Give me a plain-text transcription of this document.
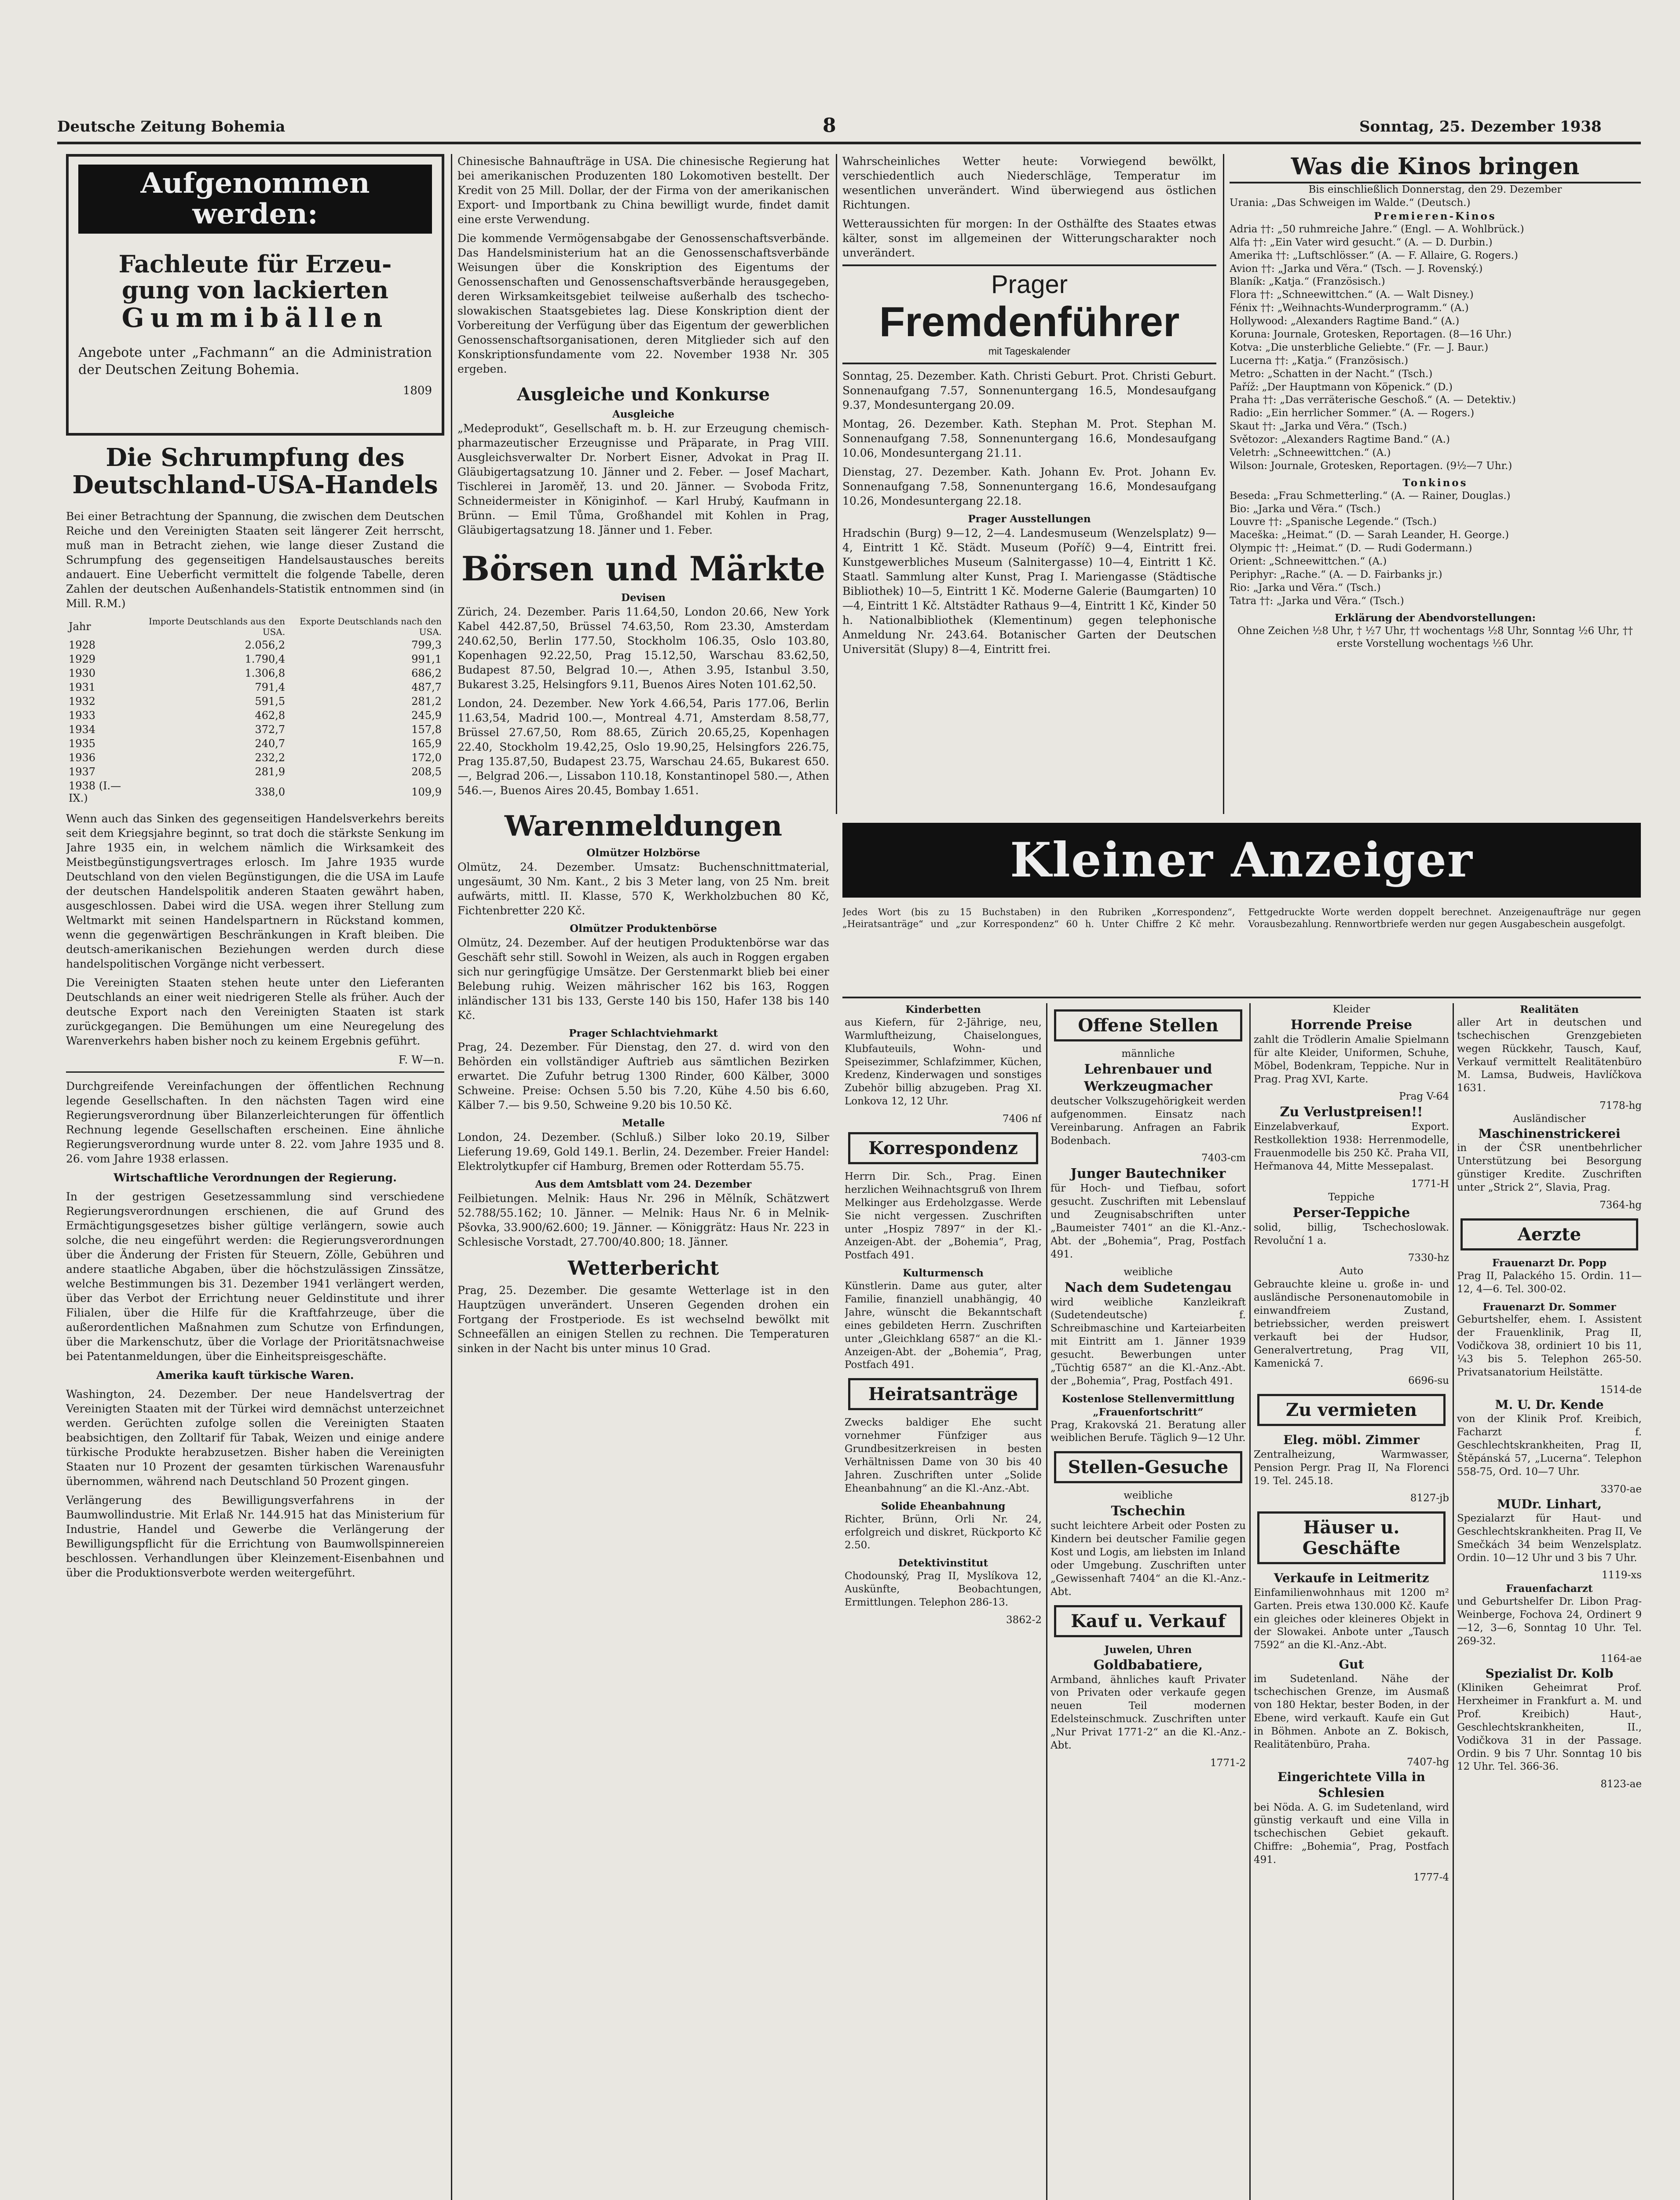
Deutsche Zeitung Bohemia	8	Sonntag, 25. Dezember 1938
Aufgenommen werden:
Fachleute für Erzeu-
gung von lackierten
Gummibällen
Angebote unter „Fachmann“ an die Administration der Deutschen Zeitung Bohemia.
1809
Die Schrumpfung des Deutschland-USA-Handels

Bei einer Betrachtung der Spannung, die zwischen dem Deutschen Reiche und den Vereinigten Staaten seit längerer Zeit herrscht, muß man in Betracht ziehen, wie lange dieser Zustand die Schrumpfung des gegenseitigen Handelsaustausches bereits andauert. Eine Ueberficht vermittelt die folgende Tabelle, deren Zahlen der deutschen Außenhandels-Statistik entnommen sind (in Mill. R.M.)

Jahr	Importe Deutschlands aus den USA.	Exporte Deutschlands nach den USA.
1928	2.056,2	799,3
1929	1.790,4	991,1
1930	1.306,8	686,2
1931	791,4	487,7
1932	591,5	281,2
1933	462,8	245,9
1934	372,7	157,8
1935	240,7	165,9
1936	232,2	172,0
1937	281,9	208,5
1938 (I.—IX.)	338,0	109,9

Wenn auch das Sinken des gegenseitigen Handelsverkehrs bereits seit dem Kriegsjahre beginnt, so trat doch die stärkste Senkung im Jahre 1935 ein, in welchem nämlich die Wirksamkeit des Meistbegünstigungsvertrages erlosch. Im Jahre 1935 wurde Deutschland von den vielen Begünstigungen, die die USA im Laufe der deutschen Handelspolitik anderen Staaten gewährt haben, ausgeschlossen. Dabei wird die USA. wegen ihrer Stellung zum Weltmarkt mit seinen Handelspartnern in Rückstand kommen, wenn die gegenwärtigen Beschränkungen in Kraft bleiben. Die deutsch-amerikanischen Beziehungen werden durch diese handelspolitischen Vorgänge nicht verbessert.

Die Vereinigten Staaten stehen heute unter den Lieferanten Deutschlands an einer weit niedrigeren Stelle als früher. Auch der deutsche Export nach den Vereinigten Staaten ist stark zurückgegangen. Die Bemühungen um eine Neuregelung des Warenverkehrs haben bisher noch zu keinem Ergebnis geführt.

F. W—n.

Durchgreifende Vereinfachungen der öffentlichen Rechnung legende Gesellschaften. In den nächsten Tagen wird eine Regierungsverordnung über Bilanzerleichterungen für öffentlich Rechnung legende Gesellschaften erscheinen. Eine ähnliche Regierungsverordnung wurde unter 8. 22. vom Jahre 1935 und 8. 26. vom Jahre 1938 erlassen.

Wirtschaftliche Verordnungen der Regierung.

In der gestrigen Gesetzessammlung sind verschiedene Regierungsverordnungen erschienen, die auf Grund des Ermächtigungsgesetzes bisher gültige verlängern, sowie auch solche, die neu eingeführt werden: die Regierungsverordnungen über die Änderung der Fristen für Steuern, Zölle, Gebühren und andere staatliche Abgaben, über die höchstzulässigen Zinssätze, welche Bestimmungen bis 31. Dezember 1941 verlängert werden, über das Verbot der Errichtung neuer Geldinstitute und ihrer Filialen, über die Hilfe für die Kraftfahrzeuge, über die außerordentlichen Maßnahmen zum Schutze von Erfindungen, über die Markenschutz, über die Vorlage der Prioritätsnachweise bei Patentanmeldungen, über die Einheitspreisgeschäfte.

Amerika kauft türkische Waren.

Washington, 24. Dezember. Der neue Handelsvertrag der Vereinigten Staaten mit der Türkei wird demnächst unterzeichnet werden. Gerüchten zufolge sollen die Vereinigten Staaten beabsichtigen, den Zolltarif für Tabak, Weizen und einige andere türkische Produkte herabzusetzen. Bisher haben die Vereinigten Staaten nur 10 Prozent der gesamten türkischen Warenausfuhr übernommen, während nach Deutschland 50 Prozent gingen.

Verlängerung des Bewilligungsverfahrens in der Baumwollindustrie. Mit Erlaß Nr. 144.915 hat das Ministerium für Industrie, Handel und Gewerbe die Verlängerung der Bewilligungspflicht für die Errichtung von Baumwollspinnereien beschlossen. Verhandlungen über Kleinzement-Eisenbahnen und über die Produktionsverbote werden weitergeführt.

Chinesische Bahnaufträge in USA. Die chinesische Regierung hat bei amerikanischen Produzenten 180 Lokomotiven bestellt. Der Kredit von 25 Mill. Dollar, der der Firma von der amerikanischen Export- und Importbank zu China bewilligt wurde, findet damit eine erste Verwendung.

Die kommende Vermögensabgabe der Genossenschaftsverbände. Das Handelsministerium hat an die Genossenschaftsverbände Weisungen über die Konskription des Eigentums der Genossenschaften und Genossenschaftsverbände herausgegeben, deren Wirksamkeitsgebiet teilweise außerhalb des tschecho-slowakischen Staatsgebietes lag. Diese Konskription dient der Vorbereitung der Verfügung über das Eigentum der gewerblichen Genossenschaftsorganisationen, deren Mitglieder sich auf den Konskriptionsfundamente vom 22. November 1938 Nr. 305 ergeben.

Ausgleiche und Konkurse
Ausgleiche

„Medeprodukt“, Gesellschaft m. b. H. zur Erzeugung chemisch-pharmazeutischer Erzeugnisse und Präparate, in Prag VIII. Ausgleichsverwalter Dr. Norbert Eisner, Advokat in Prag II. Gläubigertagsatzung 10. Jänner und 2. Feber. — Josef Machart, Tischlerei in Jaroměř, 13. und 20. Jänner. — Svoboda Fritz, Schneidermeister in Königinhof. — Karl Hrubý, Kaufmann in Brünn. — Emil Tůma, Großhandel mit Kohlen in Prag, Gläubigertagsatzung 18. Jänner und 1. Feber.

Börsen und Märkte
Devisen

Zürich, 24. Dezember. Paris 11.64,50, London 20.66, New York Kabel 442.87,50, Brüssel 74.63,50, Rom 23.30, Amsterdam 240.62,50, Berlin 177.50, Stockholm 106.35, Oslo 103.80, Kopenhagen 92.22,50, Prag 15.12,50, Warschau 83.62,50, Budapest 87.50, Belgrad 10.—, Athen 3.95, Istanbul 3.50, Bukarest 3.25, Helsingfors 9.11, Buenos Aires Noten 101.62,50.

London, 24. Dezember. New York 4.66,54, Paris 177.06, Berlin 11.63,54, Madrid 100.—, Montreal 4.71, Amsterdam 8.58,77, Brüssel 27.67,50, Rom 88.65, Zürich 20.65,25, Kopenhagen 22.40, Stockholm 19.42,25, Oslo 19.90,25, Helsingfors 226.75, Prag 135.87,50, Budapest 23.75, Warschau 24.65, Bukarest 650.—, Belgrad 206.—, Lissabon 110.18, Konstantinopel 580.—, Athen 546.—, Buenos Aires 20.45, Bombay 1.651.

Warenmeldungen
Olmützer Holzbörse

Olmütz, 24. Dezember. Umsatz: Buchenschnittmaterial, ungesäumt, 30 Nm. Kant., 2 bis 3 Meter lang, von 25 Nm. breit aufwärts, mittl. II. Klasse, 570 K, Werkholzbuchen 80 Kč, Fichtenbretter 220 Kč.

Olmützer Produktenbörse

Olmütz, 24. Dezember. Auf der heutigen Produktenbörse war das Geschäft sehr still. Sowohl in Weizen, als auch in Roggen ergaben sich nur geringfügige Umsätze. Der Gerstenmarkt blieb bei einer Belebung ruhig. Weizen mährischer 162 bis 163, Roggen inländischer 131 bis 133, Gerste 140 bis 150, Hafer 138 bis 140 Kč.

Prager Schlachtviehmarkt

Prag, 24. Dezember. Für Dienstag, den 27. d. wird von den Behörden ein vollständiger Auftrieb aus sämtlichen Bezirken erwartet. Die Zufuhr betrug 1300 Rinder, 600 Kälber, 3000 Schweine. Preise: Ochsen 5.50 bis 7.20, Kühe 4.50 bis 6.60, Kälber 7.— bis 9.50, Schweine 9.20 bis 10.50 Kč.

Metalle

London, 24. Dezember. (Schluß.) Silber loko 20.19, Silber Lieferung 19.69, Gold 149.1. Berlin, 24. Dezember. Freier Handel: Elektrolytkupfer cif Hamburg, Bremen oder Rotterdam 55.75.

Aus dem Amtsblatt vom 24. Dezember

Feilbietungen. Melnik: Haus Nr. 296 in Mělník, Schätzwert 52.788/55.162; 10. Jänner. — Melnik: Haus Nr. 6 in Melnik-Pšovka, 33.900/62.600; 19. Jänner. — Königgrätz: Haus Nr. 223 in Schlesische Vorstadt, 27.700/40.800; 18. Jänner.

Wetterbericht

Prag, 25. Dezember. Die gesamte Wetterlage ist in den Hauptzügen unverändert. Unseren Gegenden drohen ein Fortgang der Frostperiode. Es ist wechselnd bewölkt mit Schneefällen an einigen Stellen zu rechnen. Die Temperaturen sinken in der Nacht bis unter minus 10 Grad.

Wahrscheinliches Wetter heute: Vorwiegend bewölkt, verschiedentlich auch Niederschläge, Temperatur im wesentlichen unverändert. Wind überwiegend aus östlichen Richtungen.

Wetteraussichten für morgen: In der Osthälfte des Staates etwas kälter, sonst im allgemeinen der Witterungscharakter noch unverändert.

Prager
Fremdenführer
mit Tageskalender

Sonntag, 25. Dezember. Kath. Christi Geburt. Prot. Christi Geburt. Sonnenaufgang 7.57, Sonnenuntergang 16.5, Mondesaufgang 9.37, Mondesuntergang 20.09.

Montag, 26. Dezember. Kath. Stephan M. Prot. Stephan M. Sonnenaufgang 7.58, Sonnenuntergang 16.6, Mondesaufgang 10.06, Mondesuntergang 21.11.

Dienstag, 27. Dezember. Kath. Johann Ev. Prot. Johann Ev. Sonnenaufgang 7.58, Sonnenuntergang 16.6, Mondesaufgang 10.26, Mondesuntergang 22.18.

Prager Ausstellungen

Hradschin (Burg) 9—12, 2—4. Landesmuseum (Wenzelsplatz) 9—4, Eintritt 1 Kč. Städt. Museum (Poříč) 9—4, Eintritt frei. Kunstgewerbliches Museum (Salnitergasse) 10—4, Eintritt 1 Kč. Staatl. Sammlung alter Kunst, Prag I. Mariengasse (Städtische Bibliothek) 10—5, Eintritt 1 Kč. Moderne Galerie (Baumgarten) 10—4, Eintritt 1 Kč. Altstädter Rathaus 9—4, Eintritt 1 Kč, Kinder 50 h. Nationalbibliothek (Klementinum) gegen telephonische Anmeldung Nr. 243.64. Botanischer Garten der Deutschen Universität (Slupy) 8—4, Eintritt frei.

Was die Kinos bringen
Bis einschließlich Donnerstag, den 29. Dezember
Urania: „Das Schweigen im Walde.“ (Deutsch.)
Premieren-Kinos
Adria ††: „50 ruhmreiche Jahre.“ (Engl. — A. Wohlbrück.)
Alfa ††: „Ein Vater wird gesucht.“ (A. — D. Durbin.)
Amerika ††: „Luftschlösser.“ (A. — F. Allaire, G. Rogers.)
Avion ††: „Jarka und Věra.“ (Tsch. — J. Rovenský.)
Blaník: „Katja.“ (Französisch.)
Flora ††: „Schneewittchen.“ (A. — Walt Disney.)
Fénix ††: „Weihnachts-Wunderprogramm.“ (A.)
Hollywood: „Alexanders Ragtime Band.“ (A.)
Koruna: Journale, Grotesken, Reportagen. (8—16 Uhr.)
Kotva: „Die unsterbliche Geliebte.“ (Fr. — J. Baur.)
Lucerna ††: „Katja.“ (Französisch.)
Metro: „Schatten in der Nacht.“ (Tsch.)
Paříž: „Der Hauptmann von Köpenick.“ (D.)
Praha ††: „Das verräterische Geschoß.“ (A. — Detektiv.)
Radio: „Ein herrlicher Sommer.“ (A. — Rogers.)
Skaut ††: „Jarka und Věra.“ (Tsch.)
Světozor: „Alexanders Ragtime Band.“ (A.)
Veletrh: „Schneewittchen.“ (A.)
Wilson: Journale, Grotesken, Reportagen. (9½—7 Uhr.)
Tonkinos
Beseda: „Frau Schmetterling.“ (A. — Rainer, Douglas.)
Bio: „Jarka und Věra.“ (Tsch.)
Louvre ††: „Spanische Legende.“ (Tsch.)
Maceška: „Heimat.“ (D. — Sarah Leander, H. George.)
Olympic ††: „Heimat.“ (D. — Rudi Godermann.)
Orient: „Schneewittchen.“ (A.)
Periphyr: „Rache.“ (A. — D. Fairbanks jr.)
Rio: „Jarka und Věra.“ (Tsch.)
Tatra ††: „Jarka und Věra.“ (Tsch.)
Erklärung der Abendvorstellungen:
Ohne Zeichen ½8 Uhr, † ½7 Uhr, †† wochentags ½8 Uhr, Sonntag ½6 Uhr, †† erste Vorstellung wochentags ½6 Uhr.
Kleiner Anzeiger
Jedes Wort (bis zu 15 Buchstaben) in den Rubriken „Korrespondenz“, „Heiratsanträge“ und „zur Korrespondenz“ 60 h. Unter Chiffre 2 Kč mehr. Fettgedruckte Worte werden doppelt berechnet. Anzeigenaufträge nur gegen Vorausbezahlung. Rennwortbriefe werden nur gegen Ausgabeschein ausgefolgt.
Kinderbetten

aus Kiefern, für 2-Jährige, neu, Warmluftheizung, Chaiselongues, Klubfauteuils, Wohn- und Speisezimmer, Schlafzimmer, Küchen, Kredenz, Kinderwagen und sonstiges Zubehör billig abzugeben. Prag XI. Lonkova 12, 12 Uhr.

7406 nf
Korrespondenz

Herrn Dir. Sch., Prag. Einen herzlichen Weihnachtsgruß von Ihrem Melkinger aus Erdeholzgasse. Werde Sie nicht vergessen. Zuschriften unter „Hospiz 7897“ in der Kl.-Anzeigen-Abt. der „Bohemia“, Prag, Postfach 491.

Kulturmensch

Künstlerin. Dame aus guter, alter Familie, finanziell unabhängig, 40 Jahre, wünscht die Bekanntschaft eines gebildeten Herrn. Zuschriften unter „Gleichklang 6587“ an die Kl.-Anzeigen-Abt. der „Bohemia“, Prag, Postfach 491.

Heiratsanträge

Zwecks baldiger Ehe sucht vornehmer Fünfziger aus Grundbesitzerkreisen in besten Verhältnissen Dame von 30 bis 40 Jahren. Zuschriften unter „Solide Eheanbahnung“ an die Kl.-Anz.-Abt.

Solide Eheanbahnung

Richter, Brünn, Orli Nr. 24, erfolgreich und diskret, Rückporto Kč 2.50.

Detektivinstitut

Chodounský, Prag II, Myslíkova 12, Auskünfte, Beobachtungen, Ermittlungen. Telephon 286-13.

3862-2
Offene Stellen
männliche
Lehrenbauer und Werkzeugmacher

deutscher Volkszugehörigkeit werden aufgenommen. Einsatz nach Vereinbarung. Anfragen an Fabrik Bodenbach.

7403-cm
Junger Bautechniker

für Hoch- und Tiefbau, sofort gesucht. Zuschriften mit Lebenslauf und Zeugnisabschriften unter „Baumeister 7401“ an die Kl.-Anz.-Abt. der „Bohemia“, Prag, Postfach 491.

weibliche
Nach dem Sudetengau

wird weibliche Kanzleikraft (Sudetendeutsche) f. Schreibmaschine und Karteiarbeiten mit Eintritt am 1. Jänner 1939 gesucht. Bewerbungen unter „Tüchtig 6587“ an die Kl.-Anz.-Abt. der „Bohemia“, Prag, Postfach 491.

Kostenlose Stellenvermittlung „Frauenfortschritt“

Prag, Krakovská 21. Beratung aller weiblichen Berufe. Täglich 9—12 Uhr.

Stellen-Gesuche
weibliche
Tschechin

sucht leichtere Arbeit oder Posten zu Kindern bei deutscher Familie gegen Kost und Logis, am liebsten im Inland oder Umgebung. Zuschriften unter „Gewissenhaft 7404“ an die Kl.-Anz.-Abt.

Kauf u. Verkauf
Juwelen, Uhren
Goldbabatiere,

Armband, ähnliches kauft Privater von Privaten oder verkaufe gegen neuen Teil modernen Edelsteinschmuck. Zuschriften unter „Nur Privat 1771-2“ an die Kl.-Anz.-Abt.

1771-2
Kleider
Horrende Preise

zahlt die Trödlerin Amalie Spielmann für alte Kleider, Uniformen, Schuhe, Möbel, Bodenkram, Teppiche. Nur in Prag. Prag XVI, Karte.

Prag V-64
Zu Verlustpreisen!!

Einzelabverkauf, Export. Restkollektion 1938: Herrenmodelle, Frauenmodelle bis 250 Kč. Praha VII, Heřmanova 44, Mitte Messepalast.

1771-H
Teppiche
Perser-Teppiche

solid, billig, Tschechoslowak. Revoluční 1 a.

7330-hz
Auto

Gebrauchte kleine u. große in- und ausländische Personenautomobile in einwandfreiem Zustand, betriebssicher, werden preiswert verkauft bei der Hudsor, Generalvertretung, Prag VII, Kamenická 7.

6696-su
Zu vermieten
Eleg. möbl. Zimmer

Zentralheizung, Warmwasser, Pension Pergr. Prag II, Na Florenci 19. Tel. 245.18.

8127-jb
Häuser u. Geschäfte
Verkaufe in Leitmeritz

Einfamilienwohnhaus mit 1200 m² Garten. Preis etwa 130.000 Kč. Kaufe ein gleiches oder kleineres Objekt in der Slowakei. Anbote unter „Tausch 7592“ an die Kl.-Anz.-Abt.

Gut

im Sudetenland. Nähe der tschechischen Grenze, im Ausmaß von 180 Hektar, bester Boden, in der Ebene, wird verkauft. Kaufe ein Gut in Böhmen. Anbote an Z. Bokisch, Realitätenbüro, Praha.

7407-hg
Eingerichtete Villa in Schlesien

bei Nöda. A. G. im Sudetenland, wird günstig verkauft und eine Villa in tschechischen Gebiet gekauft. Chiffre: „Bohemia“, Prag, Postfach 491.

1777-4
Realitäten

aller Art in deutschen und tschechischen Grenzgebieten wegen Rückkehr, Tausch, Kauf, Verkauf vermittelt Realitätenbüro M. Lamsa, Budweis, Havlíčkova 1631.

7178-hg
Ausländischer
Maschinenstrickerei

in der ČSR unentbehrlicher Unterstützung bei Besorgung günstiger Kredite. Zuschriften unter „Strick 2“, Slavia, Prag.

7364-hg
Aerzte
Frauenarzt Dr. Popp

Prag II, Palackého 15. Ordin. 11—12, 4—6. Tel. 300-02.

Frauenarzt Dr. Sommer

Geburtshelfer, ehem. I. Assistent der Frauenklinik, Prag II, Vodičkova 38, ordiniert 10 bis 11, ¼3 bis 5. Telephon 265-50. Privatsanatorium Heilstätte.

1514-de
M. U. Dr. Kende

von der Klinik Prof. Kreibich, Facharzt f. Geschlechtskrankheiten, Prag II, Štěpánská 57, „Lucerna“. Telephon 558-75, Ord. 10—7 Uhr.

3370-ae
MUDr. Linhart,

Spezialarzt für Haut- und Geschlechtskrankheiten. Prag II, Ve Smečkách 34 beim Wenzelsplatz. Ordin. 10—12 Uhr und 3 bis 7 Uhr.

1119-xs
Frauenfacharzt

und Geburtshelfer Dr. Libon Prag-Weinberge, Fochova 24, Ordinert 9—12, 3—6, Sonntag 10 Uhr. Tel. 269-32.

1164-ae
Spezialist Dr. Kolb

(Kliniken Geheimrat Prof. Herxheimer in Frankfurt a. M. und Prof. Kreibich) Haut-, Geschlechtskrankheiten, II., Vodičkova 31 in der Passage. Ordin. 9 bis 7 Uhr. Sonntag 10 bis 12 Uhr. Tel. 366-36.

8123-ae
